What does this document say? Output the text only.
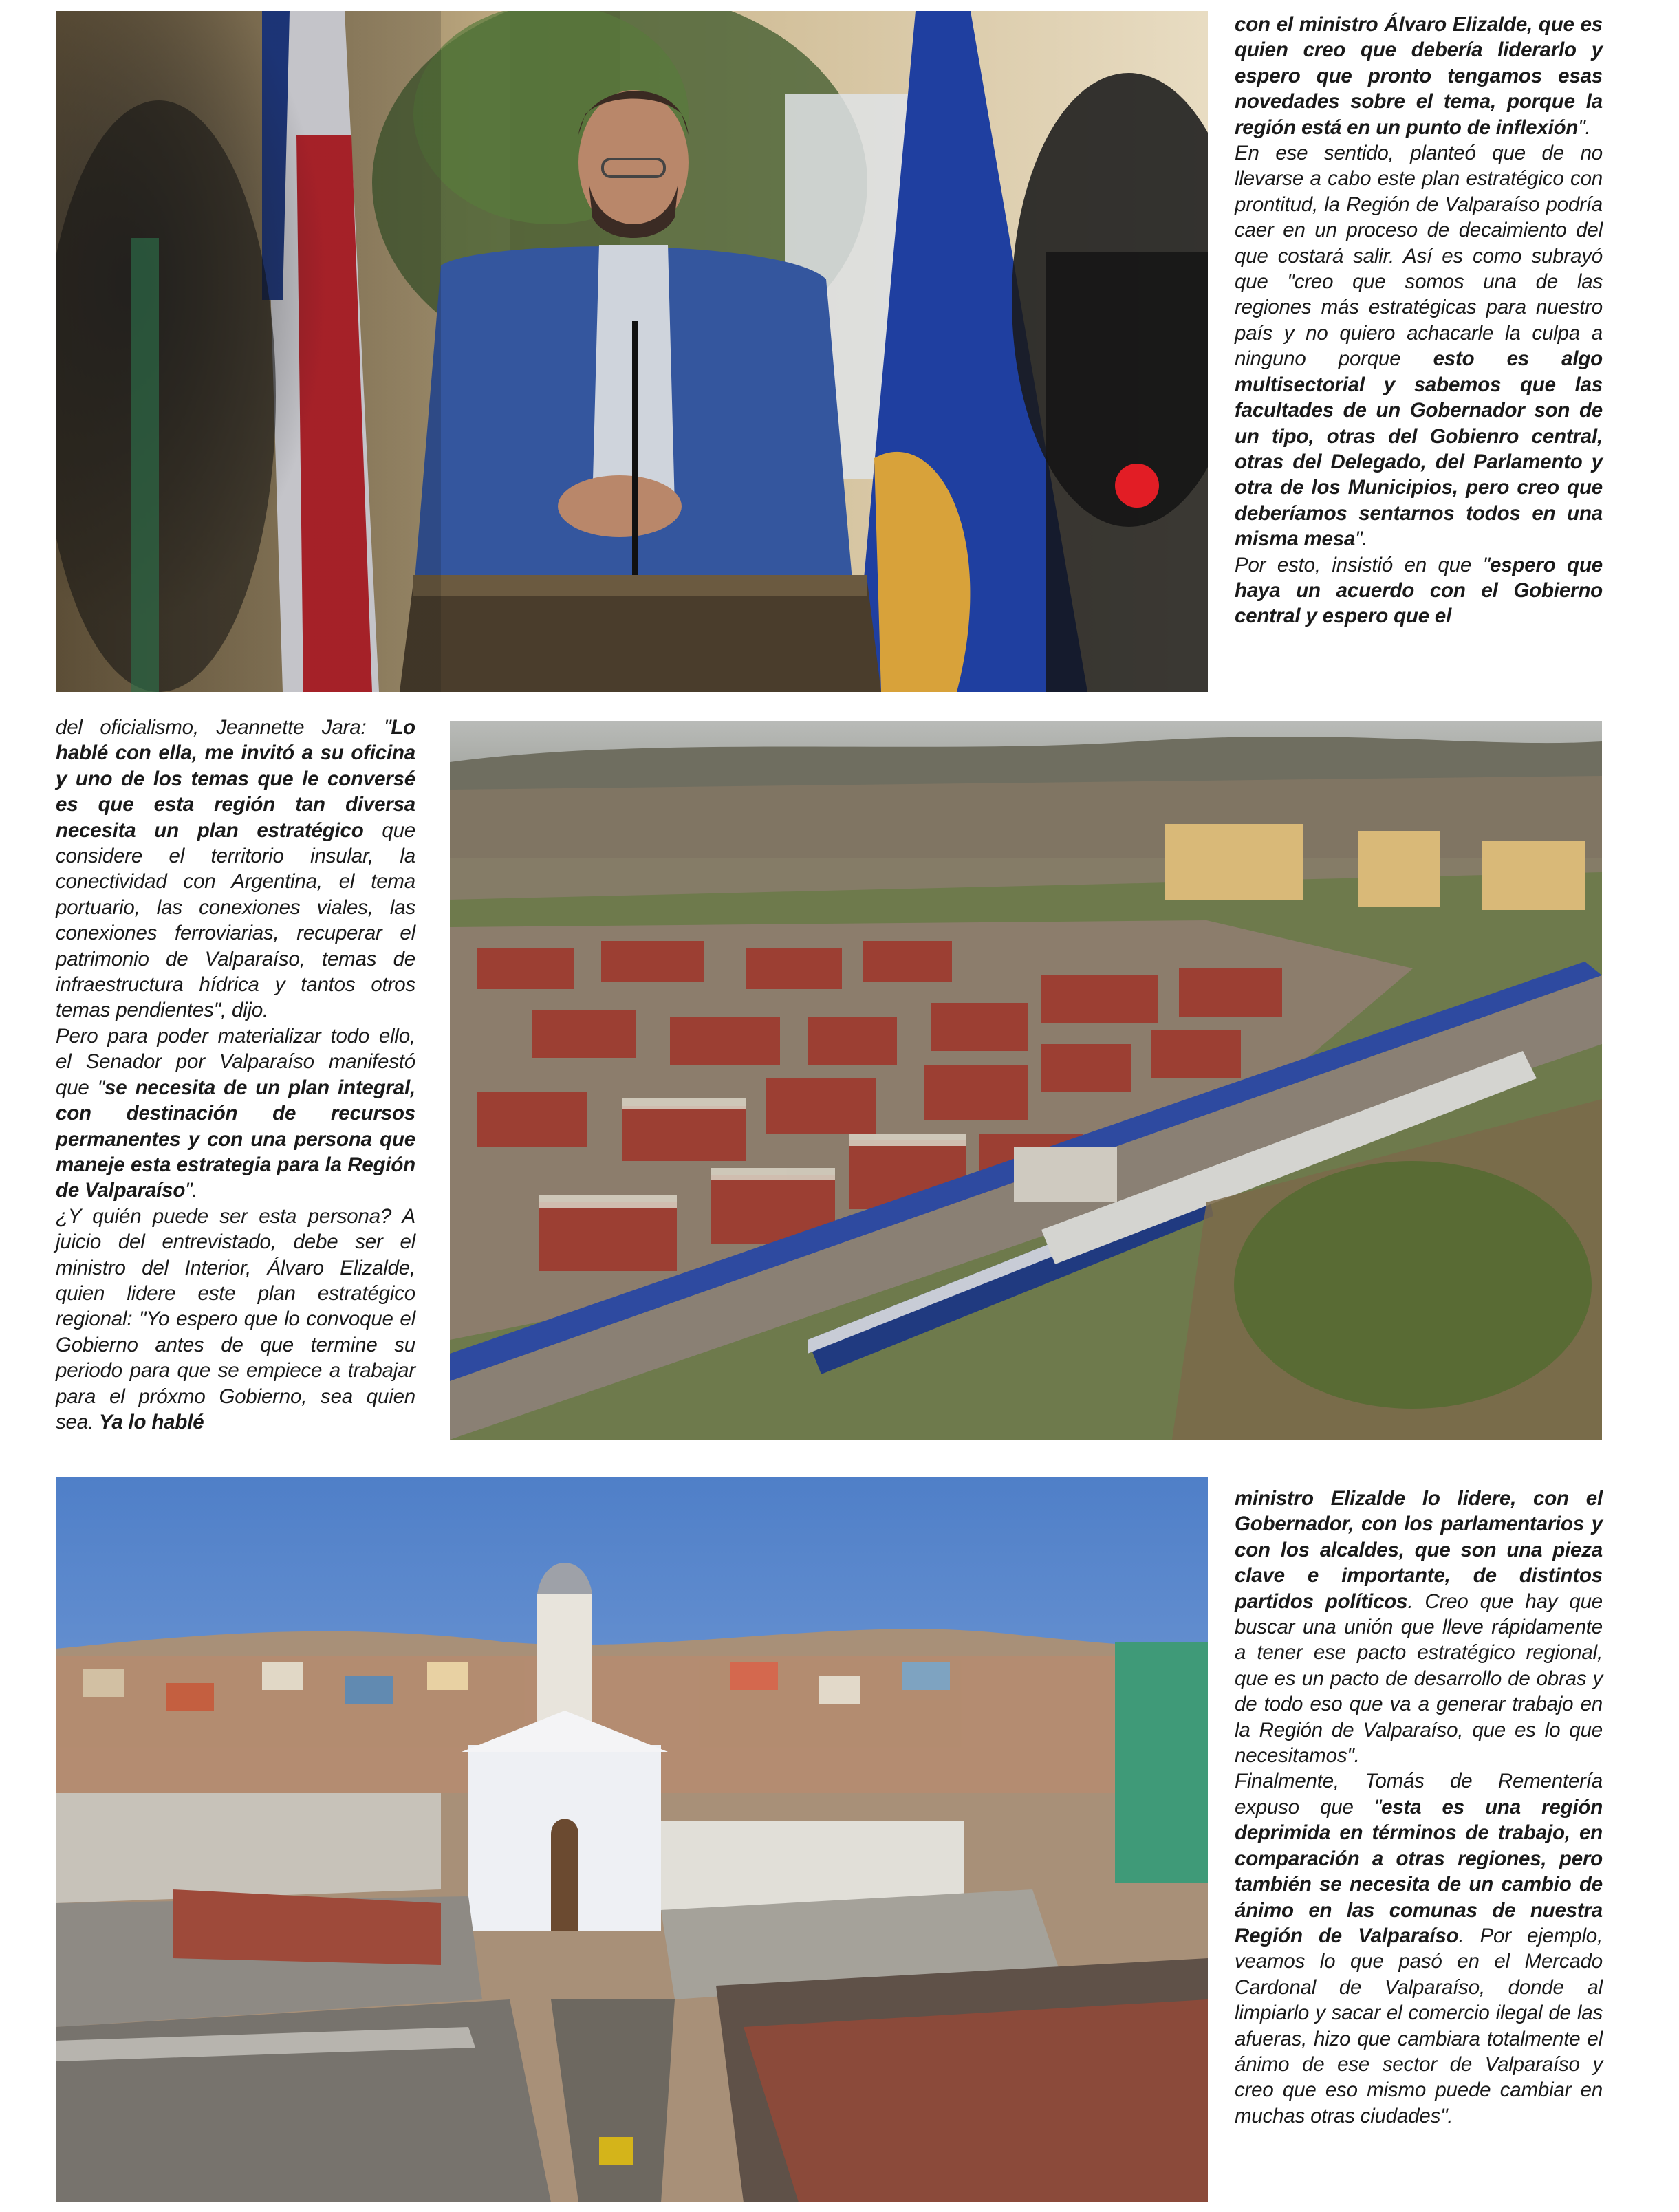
con el ministro Álvaro Elizalde, que es quien creo que debería liderarlo y espero que pronto tengamos esas novedades sobre el tema, porque la región está en un punto de inflexión".

En ese sentido, planteó que de no llevarse a cabo este plan estratégico con prontitud, la Región de Valparaíso podría caer en un proceso de decaimiento del que costará salir. Así es como subrayó que "creo que somos una de las regiones más estratégicas para nuestro país y no quiero achacarle la culpa a ninguno porque esto es algo multisectorial y sabemos que las facultades de un Gobernador son de un tipo, otras del Gobienro central, otras del Delegado, del Parlamento y otra de los Municipios, pero creo que deberíamos sentarnos todos en una misma mesa".

Por esto, insistió en que "espero que haya un acuerdo con el Gobierno central y espero que el

del oficialismo, Jeannette Jara: "Lo hablé con ella, me invitó a su oficina y uno de los temas que le conversé es que esta región tan diversa necesita un plan estratégico que considere el territorio insular, la conectividad con Argentina, el tema portuario, las conexiones viales, las conexiones ferroviarias, recuperar el patrimonio de Valparaíso, temas de infraestructura hídrica y tantos otros temas pendientes", dijo.

Pero para poder materializar todo ello, el Senador por Valparaíso manifestó que "se necesita de un plan integral, con destinación de recursos permanentes y con una persona que maneje esta estrategia para la Región de Valparaíso".

¿Y quién puede ser esta persona? A juicio del entrevistado, debe ser el ministro del Interior, Álvaro Elizalde, quien lidere este plan estratégico regional: "Yo espero que lo convoque el Gobierno antes de que termine su periodo para que se empiece a trabajar para el próxmo Gobierno, sea quien sea. Ya lo hablé

ministro Elizalde lo lidere, con el Gobernador, con los parlamentarios y con los alcaldes, que son una pieza clave e importante, de distintos partidos políticos. Creo que hay que buscar una unión que lleve rápidamente a tener ese pacto estratégico regional, que es un pacto de desarrollo de obras y de todo eso que va a generar trabajo en la Región de Valparaíso, que es lo que necesitamos".

Finalmente, Tomás de Rementería expuso que "esta es una región deprimida en términos de trabajo, en comparación a otras regiones, pero también se necesita de un cambio de ánimo en las comunas de nuestra Región de Valparaíso. Por ejemplo, veamos lo que pasó en el Mercado Cardonal de Valparaíso, donde al limpiarlo y sacar el comercio ilegal de las afueras, hizo que cambiara totalmente el ánimo de ese sector de Valparaíso y creo que eso mismo puede cambiar en muchas otras ciudades".
